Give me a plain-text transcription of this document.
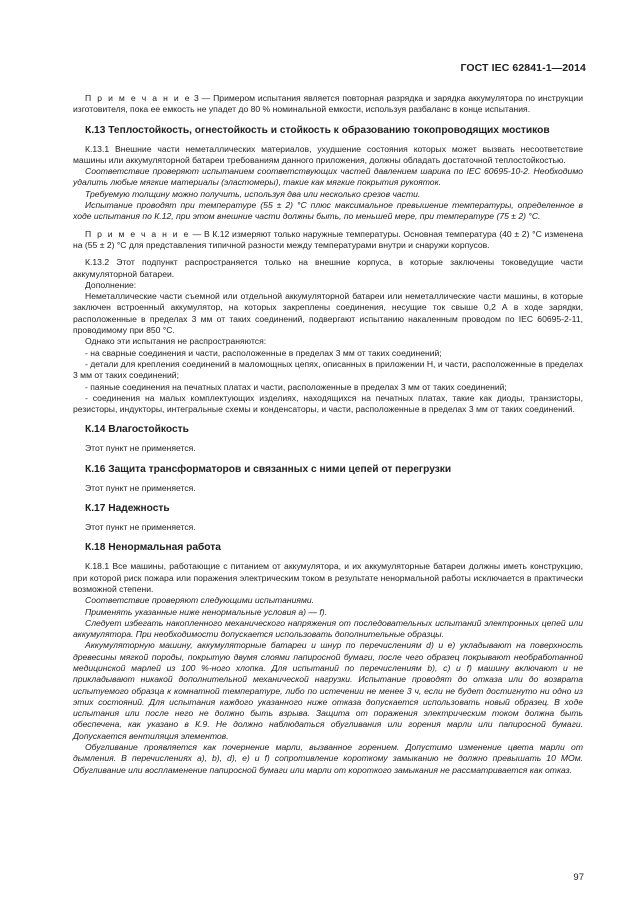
ГОСТ IEC 62841-1—2014

П р и м е ч а н и е 3 — Примером испытания является повторная разрядка и зарядка аккумулятора по инструкции изготовителя, пока ее емкость не упадет до 80 % номинальной емкости, используя разбаланс в конце испытания.

К.13 Теплостойкость, огнестойкость и стойкость к образованию токопроводящих мостиков

К.13.1 Внешние части неметаллических материалов, ухудшение состояния которых может вызвать несоответствие машины или аккумуляторной батареи требованиям данного приложения, должны обладать достаточной теплостойкостью.

Соответствие проверяют испытанием соответствующих частей давлением шарика по IEC 60695-10-2. Необходимо удалить любые мягкие материалы (эластомеры), такие как мягкие покрытия рукояток.

Требуемую толщину можно получить, используя два или несколько срезов части.

Испытание проводят при температуре (55 ± 2) °С плюс максимальное превышение температуры, определенное в ходе испытания по К.12, при этом внешние части должны быть, по меньшей мере, при температуре (75 ± 2) °С.

П р и м е ч а н и е — В К.12 измеряют только наружные температуры. Основная температура (40 ± 2) °С изменена на (55 ± 2) °С для представления типичной разности между температурами внутри и снаружи корпусов.

К.13.2 Этот подпункт распространяется только на внешние корпуса, в которые заключены токоведущие части аккумуляторной батареи.

Дополнение:

Неметаллические части съемной или отдельной аккумуляторной батареи или неметаллические части машины, в которые заключен встроенный аккумулятор, на которых закреплены соединения, несущие ток свыше 0,2 А в ходе зарядки, расположенные в пределах 3 мм от таких соединений, подвергают испытанию накаленным проводом по IEC 60695-2-11, проводимому при 850 °С.

Однако эти испытания не распространяются:

- на сварные соединения и части, расположенные в пределах 3 мм от таких соединений;

- детали для крепления соединений в маломощных цепях, описанных в приложении Н, и части, расположенные в пределах 3 мм от таких соединений;

- паяные соединения на печатных платах и части, расположенные в пределах 3 мм от таких соединений;

- соединения на малых комплектующих изделиях, находящихся на печатных платах, такие как диоды, транзисторы, резисторы, индукторы, интегральные схемы и конденсаторы, и части, расположенные в пределах 3 мм от таких соединений.

К.14 Влагостойкость

Этот пункт не применяется.

К.16 Защита трансформаторов и связанных с ними цепей от перегрузки

Этот пункт не применяется.

К.17 Надежность

Этот пункт не применяется.

К.18 Ненормальная работа

К.18.1 Все машины, работающие с питанием от аккумулятора, и их аккумуляторные батареи должны иметь конструкцию, при которой риск пожара или поражения электрическим током в результате ненормальной работы исключается в практически возможной степени.

Соответствие проверяют следующими испытаниями.

Применять указанные ниже ненормальные условия а) — f).

Следует избегать накопленного механического напряжения от последовательных испытаний электронных цепей или аккумулятора. При необходимости допускается использовать дополнительные образцы.

Аккумуляторную машину, аккумуляторные батареи и шнур по перечислениям d) и e) укладывают на поверхность древесины мягкой породы, покрытую двумя слоями папиросной бумаги, после чего образец покрывают необработанной медицинской марлей из 100 %-ного хлопка. Для испытаний по перечислениям b), с) и f) машину включают и не прикладывают никакой дополнительной механической нагрузки. Испытание проводят до отказа или до возврата испытуемого образца к комнатной температуре, либо по истечении не менее 3 ч, если не будет достигнуто ни одно из этих состояний. Для испытания каждого указанного ниже отказа допускается использовать новый образец. В ходе испытания или после него не должно быть взрыва. Защита от поражения электрическим током должна быть обеспечена, как указано в К.9. Не должно наблюдаться обугливания или горения марли или папиросной бумаги. Допускается вентиляция элементов.

Обугливание проявляется как почернение марли, вызванное горением. Допустимо изменение цвета марли от дымления. В перечислениях а), b), d), e) и f) сопротивление короткому замыканию не должно превышать 10 МОм. Обугливание или воспламенение папиросной бумаги или марли от короткого замыкания не рассматривается как отказ.

97
